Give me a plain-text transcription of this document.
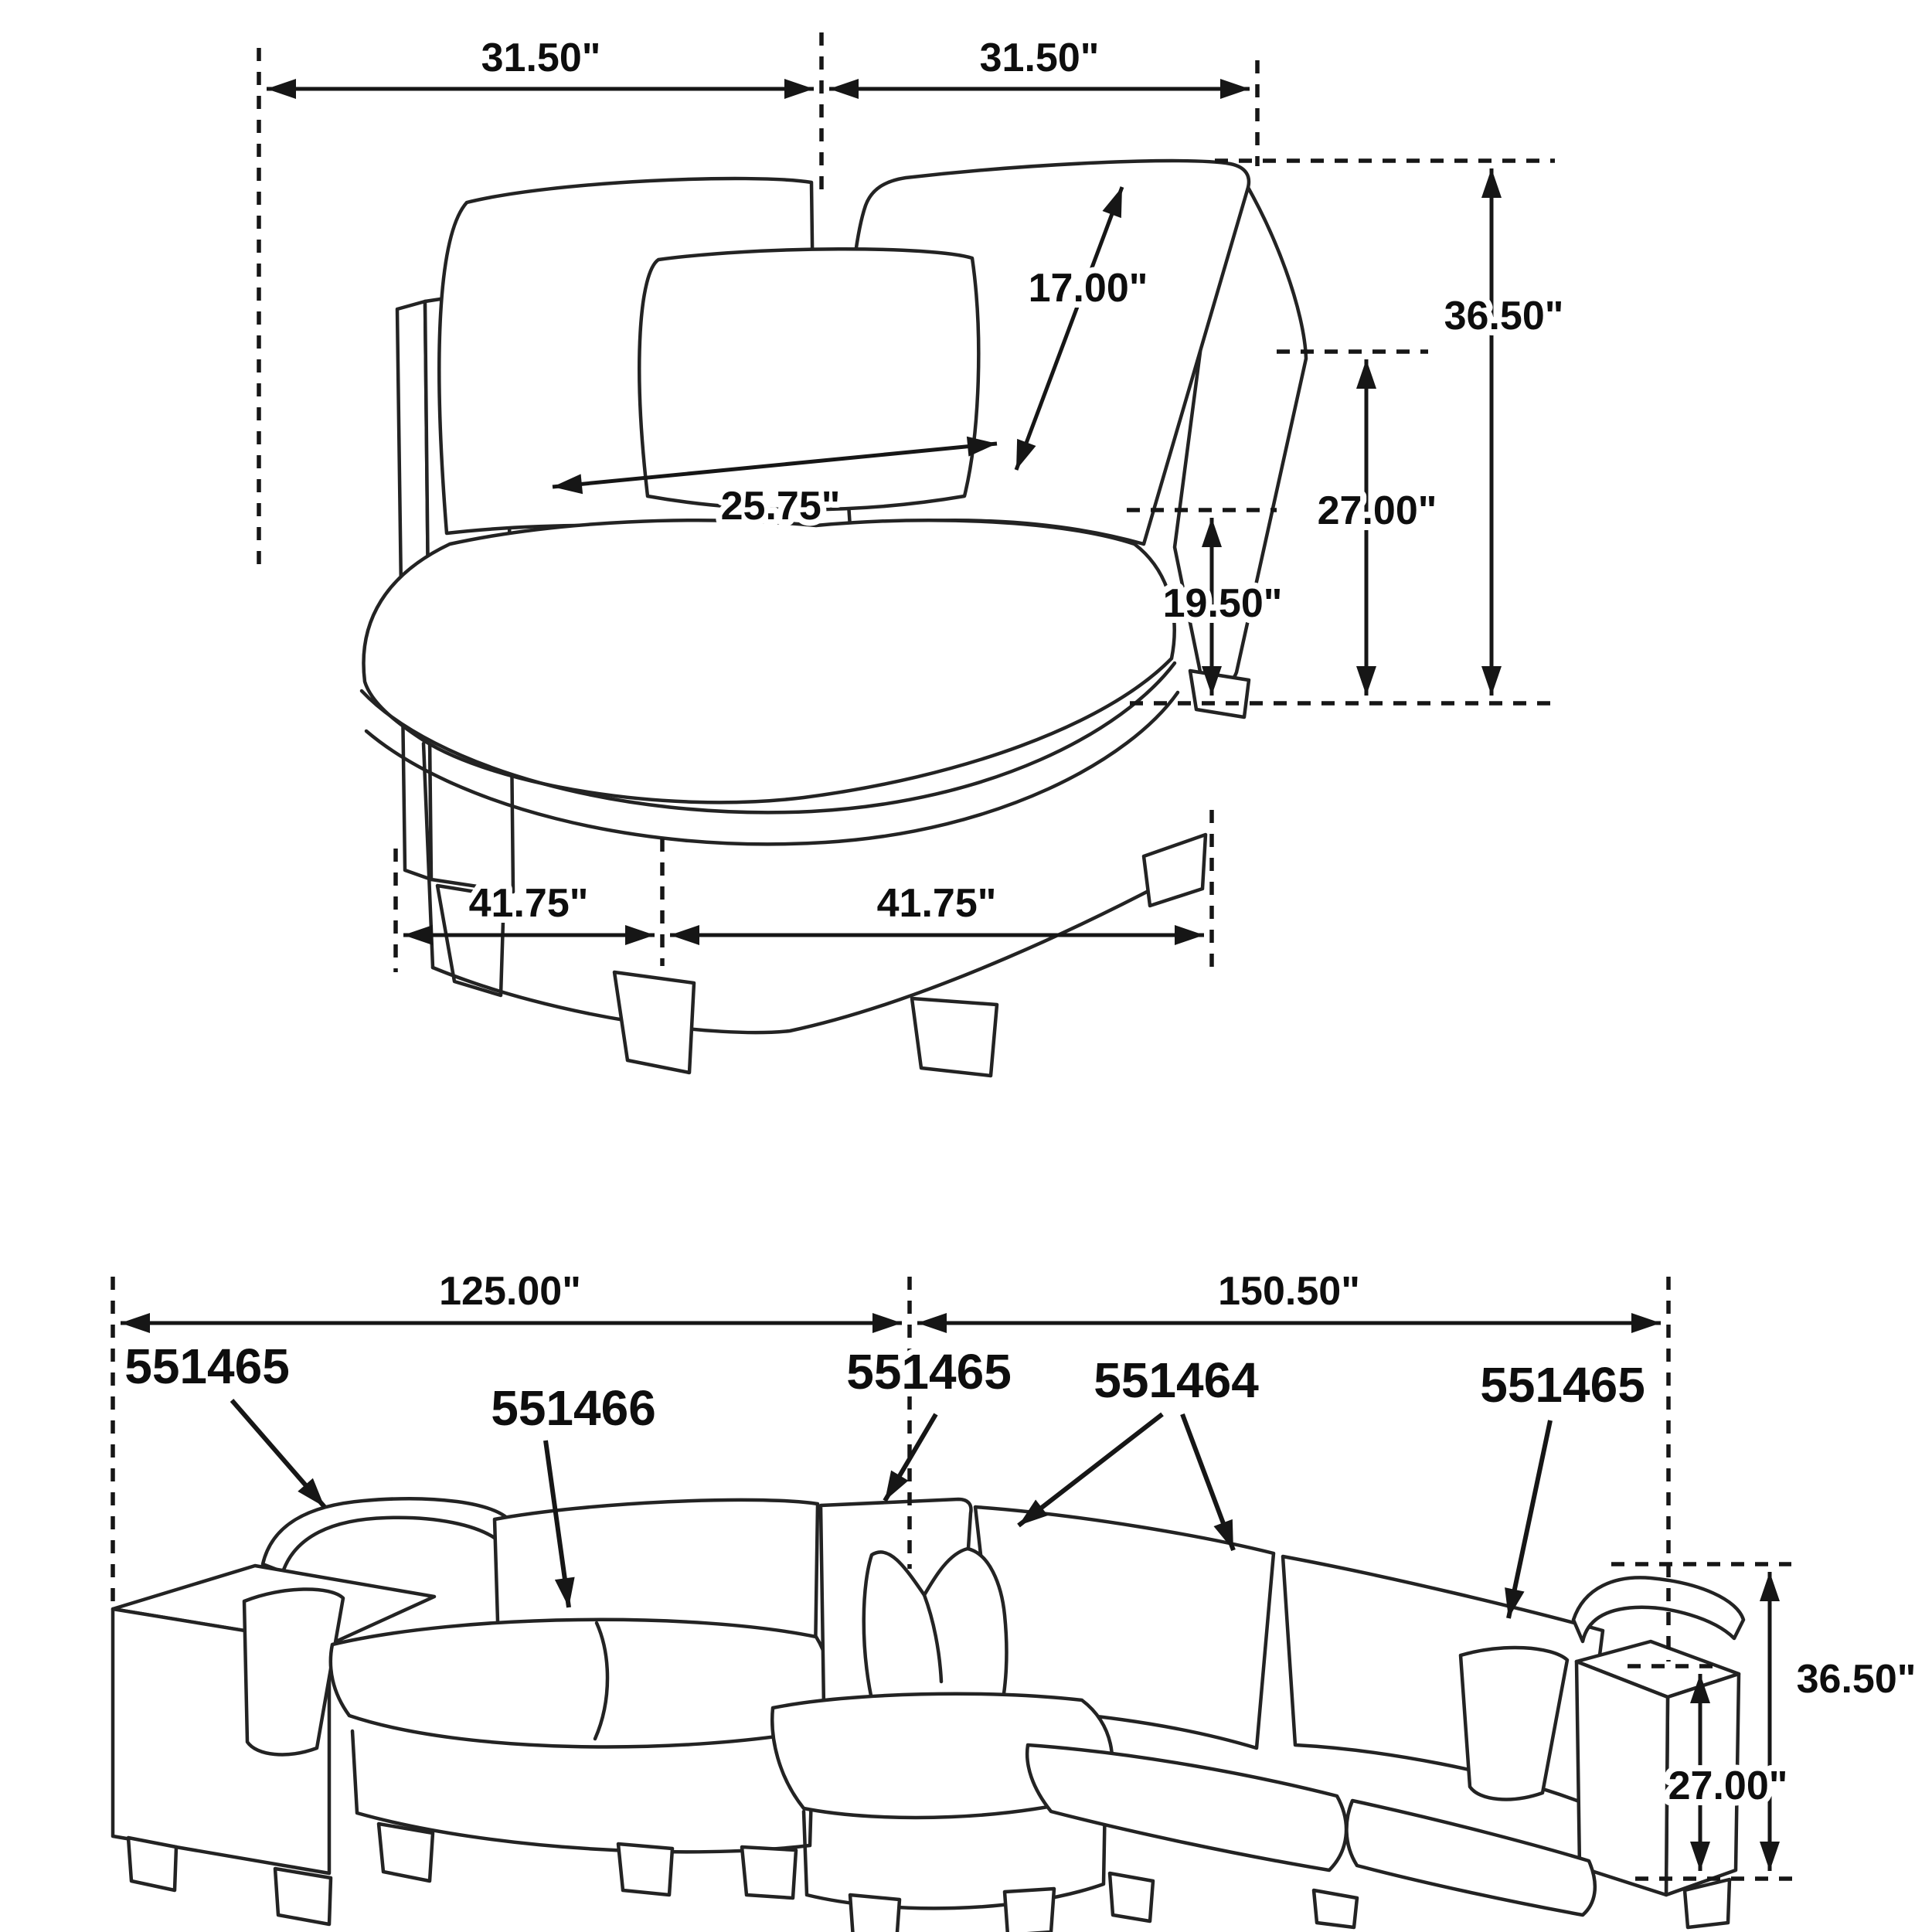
31.50"	31.50"
17.00"
25.75"
36.50"
27.00"
19.50"
41.75"	41.75"
125.00"	150.50"
551465
551466
551465 551464	551465
36.50"
27.00"
